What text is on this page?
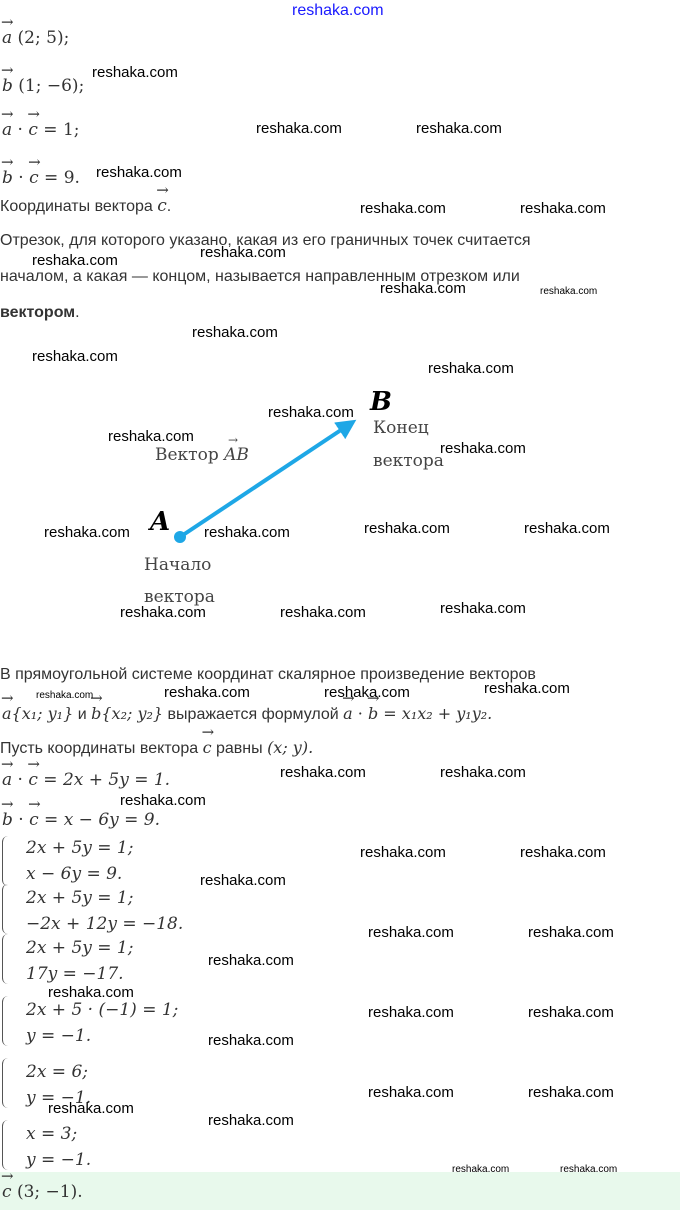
reshaka.com
→ a (2; 5);
→ b (1; −6);
→ a · → c = 1;
→ b · → c = 9.
Координаты вектора → c.
Отрезок, для которого указано, какая из его граничных точек считается
началом, а какая — концом, называется направленным отрезком или
вектором.
A
B
Конец
вектора
Начало
вектора
Вектор AB
→
В прямоугольной системе координат скалярное произведение векторов
→ a{x₁; y₁} и → b{x₂; y₂} выражается формулой → a · → b = x₁x₂ + y₁y₂.
Пусть координаты вектора → c равны (x; y).
→ a · → c = 2x + 5y = 1.
→ b · → c = x − 6y = 9.
2x + 5y = 1;
x − 6y = 9.
2x + 5y = 1;
−2x + 12y = −18.
2x + 5y = 1;
17y = −17.
2x + 5 · (−1) = 1;
y = −1.
2x = 6;
y = −1.
x = 3;
y = −1.
→ c (3; −1).
reshaka.com
reshaka.com	reshaka.com
reshaka.com
reshaka.com	reshaka.com
reshaka.com
reshaka.com
reshaka.com	reshaka.com
reshaka.com
reshaka.com
reshaka.com
reshaka.com
reshaka.com
reshaka.com
reshaka.com	reshaka.com	reshaka.com	reshaka.com
reshaka.com	reshaka.com	reshaka.com
reshaka.com	reshaka.com	reshaka.com	reshaka.com
reshaka.com	reshaka.com
reshaka.com
reshaka.com	reshaka.com
reshaka.com
reshaka.com	reshaka.com
reshaka.com
reshaka.com
reshaka.com	reshaka.com
reshaka.com
reshaka.com	reshaka.com
reshaka.com
reshaka.com
reshaka.com	reshaka.com
